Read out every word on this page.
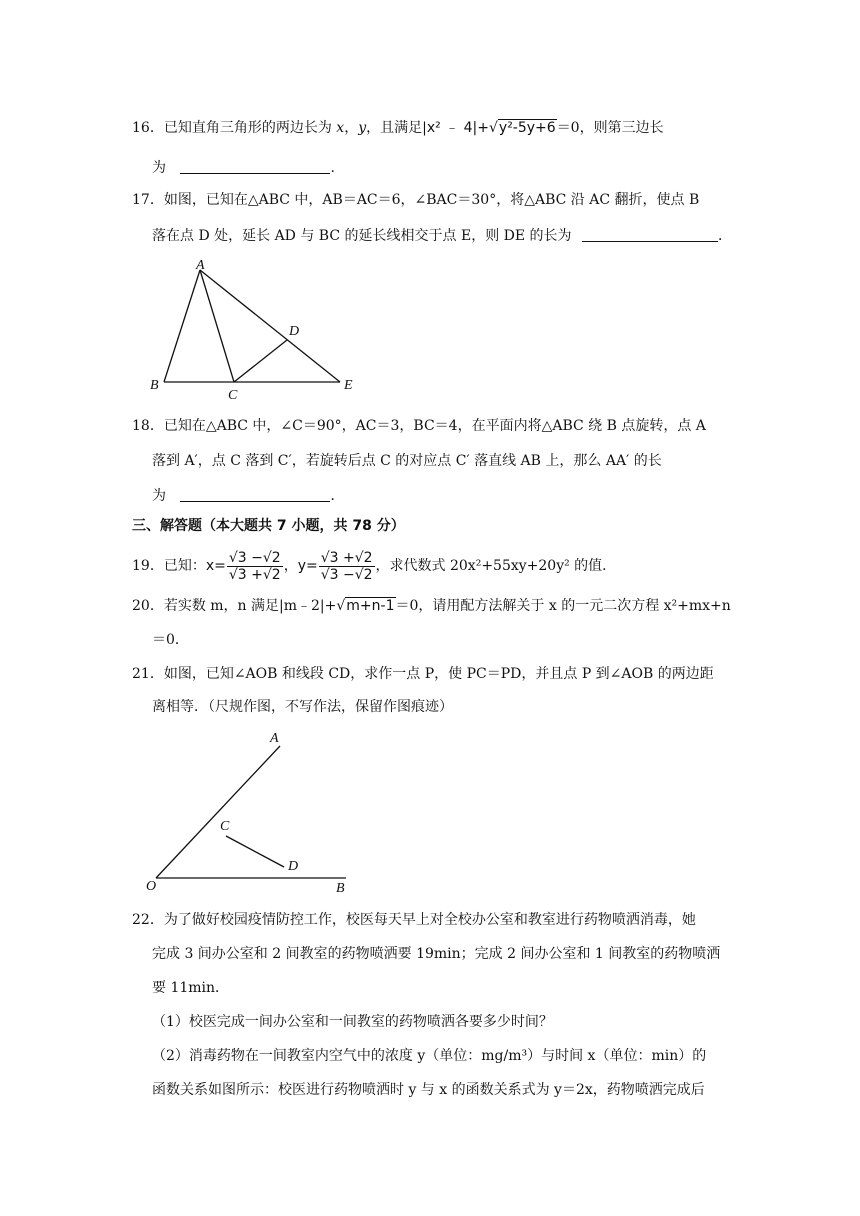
16．已知直角三角形的两边长为 x，y，且满足|x² ﹣ 4|+√y²-5y+6＝0，则第三边长
为	.
17．如图，已知在△ABC 中，AB＝AC＝6，∠BAC＝30°，将△ABC 沿 AC 翻折，使点 B
落在点 D 处，延长 AD 与 BC 的延长线相交于点 E，则 DE 的长为	．
A
D
B
C
E
18．已知在△ABC 中，∠C＝90°，AC＝3，BC＝4，在平面内将△ABC 绕 B 点旋转，点 A
落到 A′，点 C 落到 C′，若旋转后点 C 的对应点 C′ 落直线 AB 上，那么 AA′ 的长
为	．
三、解答题（本大题共 7 小题，共 78 分）
19．已知：$x= \frac{√3 -√2}{√3 +√2}$ ，$y= \frac{√3 +√2}{√3 -√2}$ ，求代数式 20x²+55xy+20y² 的值．
20．若实数 m，n 满足|m﹣2|+√m+n-1＝0，请用配方法解关于 x 的一元二次方程 x²+mx+n
＝0．
21．如图，已知∠AOB 和线段 CD，求作一点 P，使 PC＝PD，并且点 P 到∠AOB 的两边距
离相等．（尺规作图，不写作法，保留作图痕迹）
A
C
D
O	B
22．为了做好校园疫情防控工作，校医每天早上对全校办公室和教室进行药物喷洒消毒，她
完成 3 间办公室和 2 间教室的药物喷洒要 19min；完成 2 间办公室和 1 间教室的药物喷洒
要 11min．
（1）校医完成一间办公室和一间教室的药物喷洒各要多少时间？
（2）消毒药物在一间教室内空气中的浓度 y（单位：mg/m³）与时间 x（单位：min）的
函数关系如图所示：校医进行药物喷洒时 y 与 x 的函数关系式为 y＝2x，药物喷洒完成后
